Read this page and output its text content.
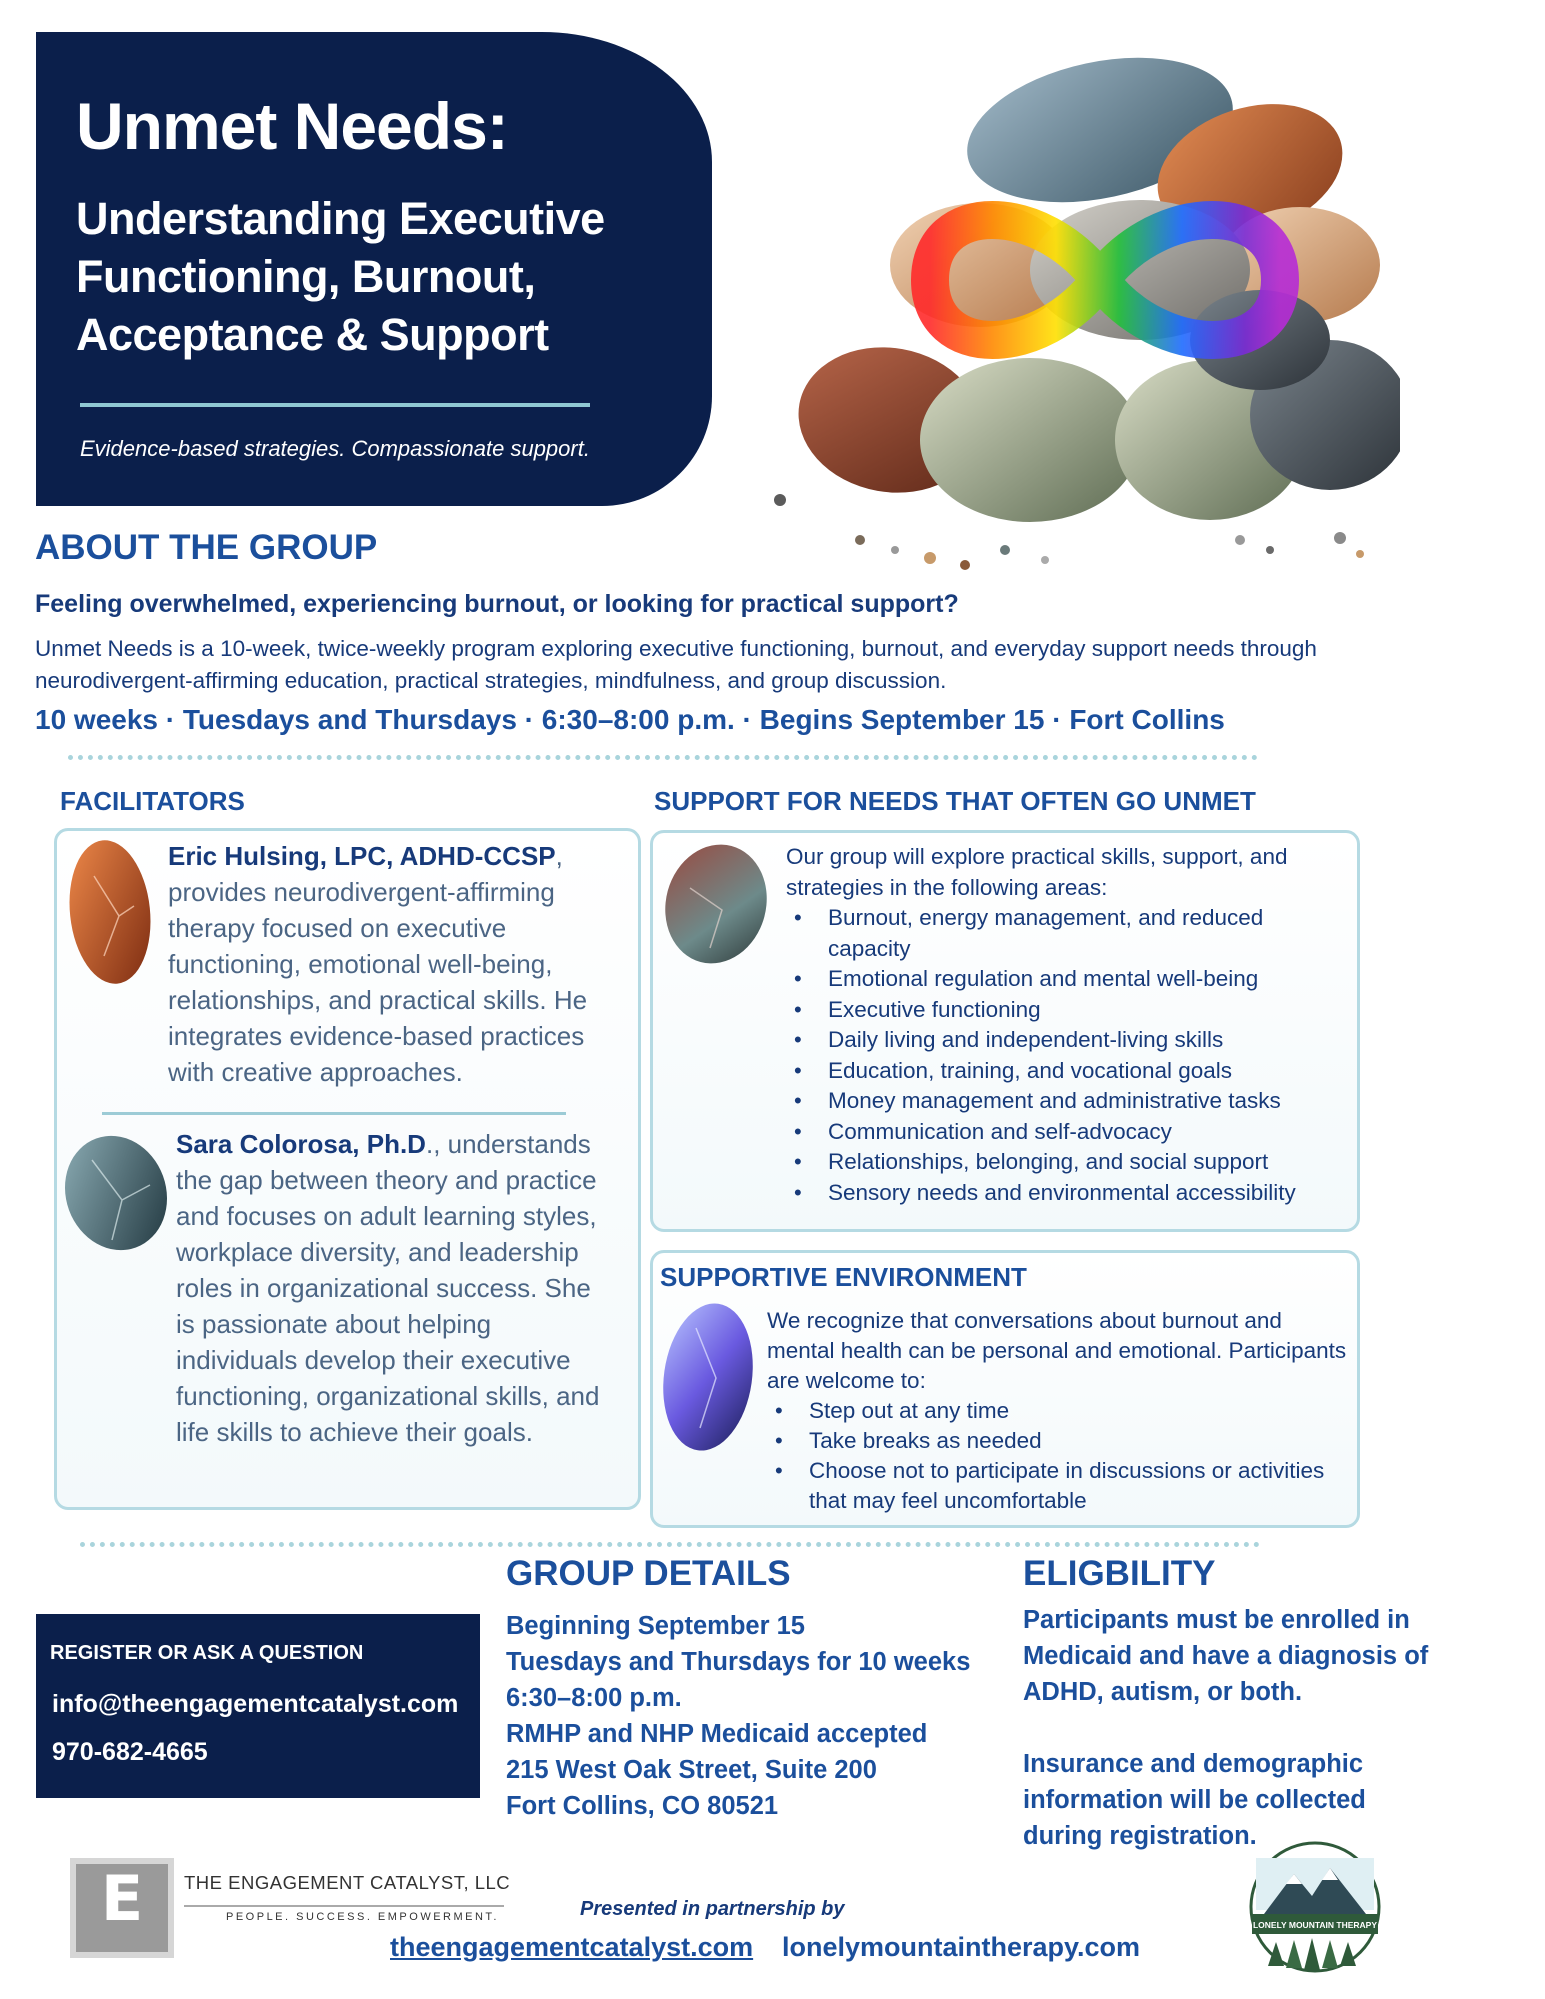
Unmet Needs:
Understanding Executive
Functioning, Burnout,
Acceptance & Support
Evidence-based strategies. Compassionate support.
ABOUT THE GROUP
Feeling overwhelmed, experiencing burnout, or looking for practical support?
Unmet Needs is a 10-week, twice-weekly program exploring executive functioning, burnout, and everyday support needs through neurodivergent-affirming education, practical strategies, mindfulness, and group discussion.
10 weeks · Tuesdays and Thursdays · 6:30–8:00 p.m. · Begins September 15 · Fort Collins
FACILITATORS
Eric Hulsing, LPC, ADHD-CCSP, provides neurodivergent-affirming therapy focused on executive functioning, emotional well-being, relationships, and practical skills. He integrates evidence-based practices with creative approaches.
Sara Colorosa, Ph.D., understands the gap between theory and practice and focuses on adult learning styles, workplace diversity, and leadership roles in organizational success. She is passionate about helping individuals develop their executive functioning, organizational skills, and life skills to achieve their goals.
SUPPORT FOR NEEDS THAT OFTEN GO UNMET
Our group will explore practical skills, support, and strategies in the following areas:
• Burnout, energy management, and reduced capacity
• Emotional regulation and mental well-being
• Executive functioning
• Daily living and independent-living skills
• Education, training, and vocational goals
• Money management and administrative tasks
• Communication and self-advocacy
• Relationships, belonging, and social support
• Sensory needs and environmental accessibility
SUPPORTIVE ENVIRONMENT
We recognize that conversations about burnout and mental health can be personal and emotional. Participants are welcome to:
• Step out at any time
• Take breaks as needed
• Choose not to participate in discussions or activities that may feel uncomfortable
GROUP DETAILS
Beginning September 15
Tuesdays and Thursdays for 10 weeks
6:30–8:00 p.m.
RMHP and NHP Medicaid accepted
215 West Oak Street, Suite 200
Fort Collins, CO 80521
ELIGBILITY
Participants must be enrolled in Medicaid and have a diagnosis of ADHD, autism, or both.
Insurance and demographic information will be collected during registration.
REGISTER OR ASK A QUESTION
info@theengagementcatalyst.com
970-682-4665
E	THE ENGAGEMENT CATALYST, LLC
PEOPLE. SUCCESS. EMPOWERMENT.	Presented in partnership by
theengagementcatalyst.com lonelymountaintherapy.com
LONELY MOUNTAIN THERAPY
